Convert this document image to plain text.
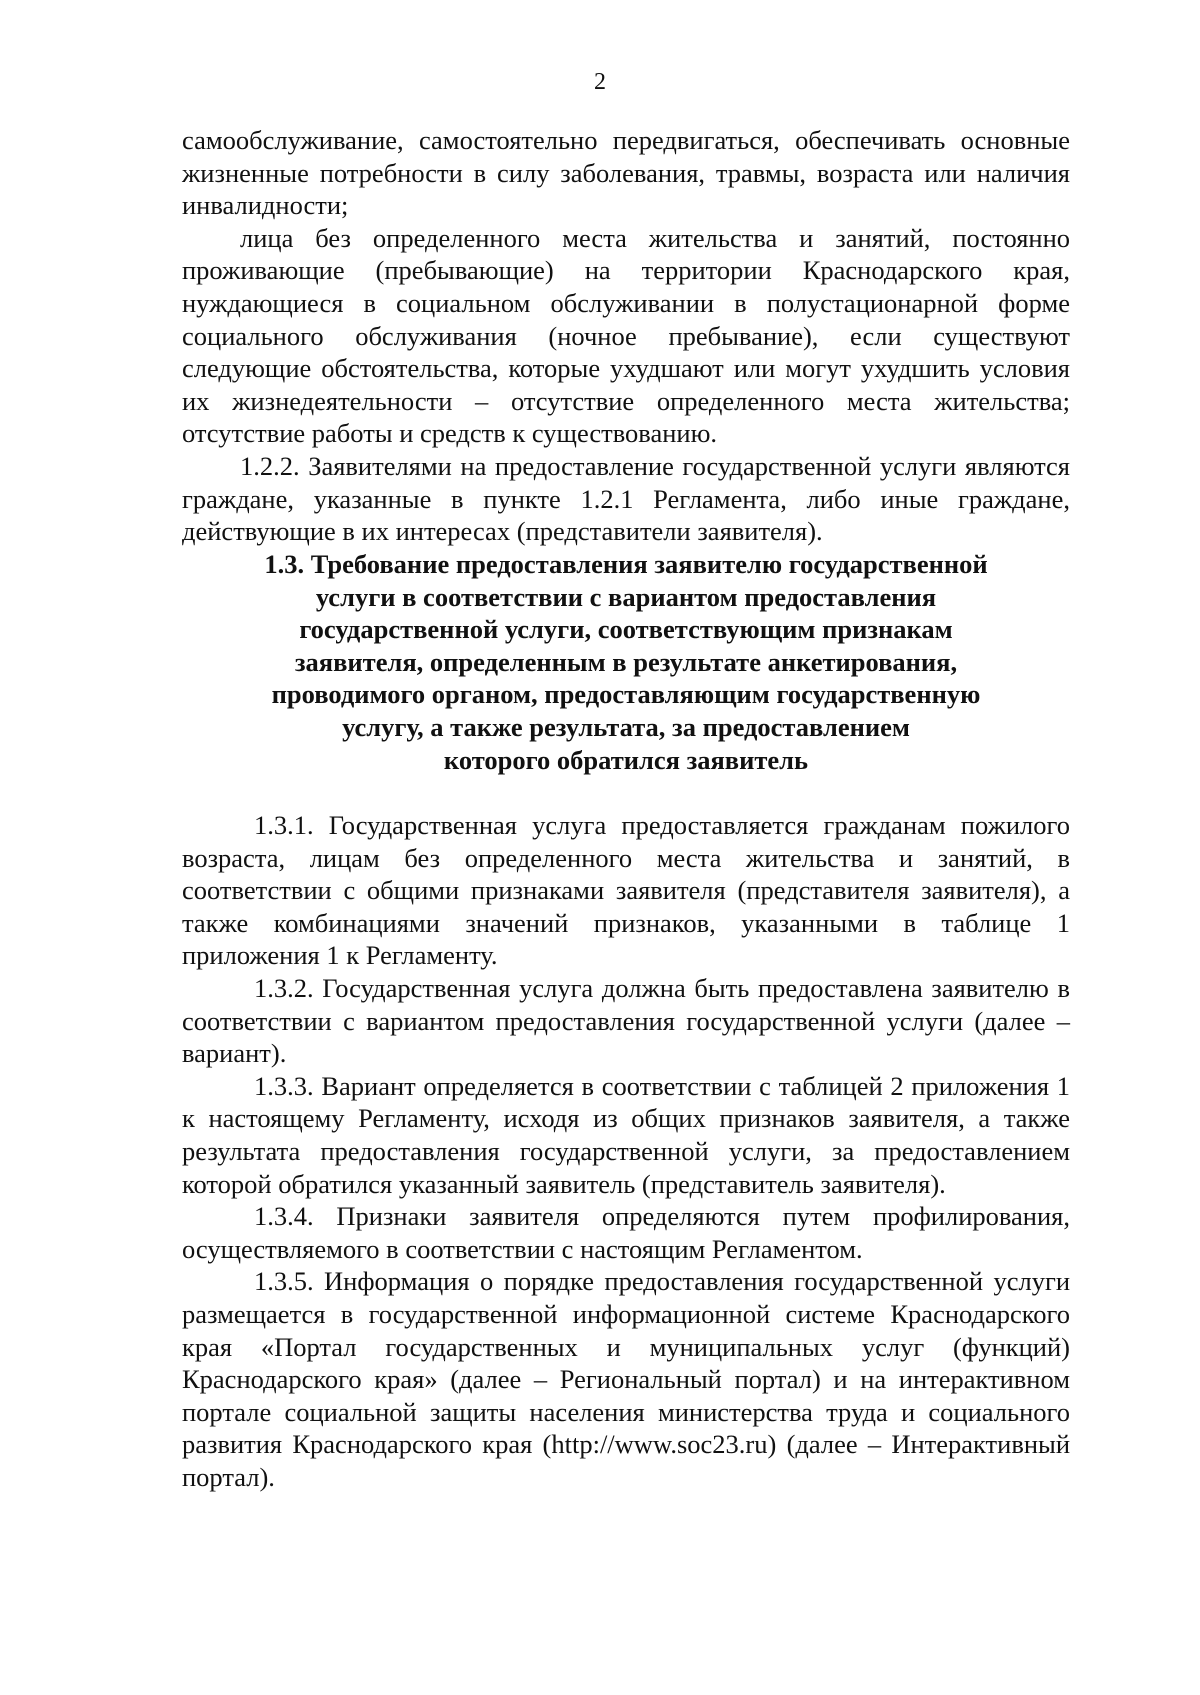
2

самообслуживание, самостоятельно передвигаться, обеспечивать основные жизненные потребности в силу заболевания, травмы, возраста или наличия инвалидности;

лица без определенного места жительства и занятий, постоянно проживающие (пребывающие) на территории Краснодарского края, нуждающиеся в социальном обслуживании в полустационарной форме социального обслуживания (ночное пребывание), если существуют следующие обстоятельства, которые ухудшают или могут ухудшить условия их жизнедеятельности – отсутствие определенного места жительства; отсутствие работы и средств к существованию.

1.2.2. Заявителями на предоставление государственной услуги являются граждане, указанные в пункте 1.2.1 Регламента, либо иные граждане, действующие в их интересах (представители заявителя).

1.3. Требование предоставления заявителю государственной
услуги в соответствии с вариантом предоставления
государственной услуги, соответствующим признакам
заявителя, определенным в результате анкетирования,
проводимого органом, предоставляющим государственную
услугу, а также результата, за предоставлением
которого обратился заявитель

1.3.1. Государственная услуга предоставляется гражданам пожилого возраста, лицам без определенного места жительства и занятий, в соответствии с общими признаками заявителя (представителя заявителя), а также комбинациями значений признаков, указанными в таблице 1 приложения 1 к Регламенту.

1.3.2. Государственная услуга должна быть предоставлена заявителю в соответствии с вариантом предоставления государственной услуги (далее – вариант).

1.3.3. Вариант определяется в соответствии с таблицей 2 приложения 1 к настоящему Регламенту, исходя из общих признаков заявителя, а также результата предоставления государственной услуги, за предоставлением которой обратился указанный заявитель (представитель заявителя).

1.3.4. Признаки заявителя определяются путем профилирования, осуществляемого в соответствии с настоящим Регламентом.

1.3.5. Информация о порядке предоставления государственной услуги размещается в государственной информационной системе Краснодарского края «Портал государственных и муниципальных услуг (функций) Краснодарского края» (далее – Региональный портал) и на интерактивном портале социальной защиты населения министерства труда и социального развития Краснодарского края (http://www.soc23.ru) (далее – Интерактивный портал).
